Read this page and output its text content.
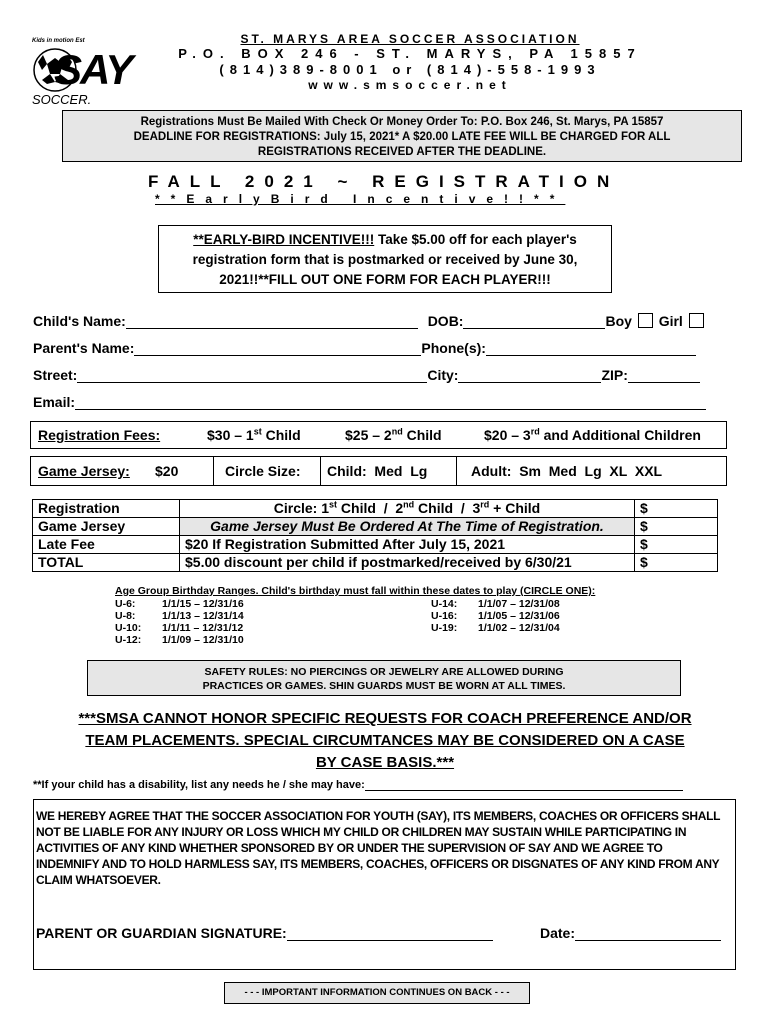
Kids in motion Est
SAY
SOCCER.
ST. MARYS AREA SOCCER ASSOCIATION
P.O. BOX 246 - ST. MARYS, PA 15857
(814)389-8001 or (814)-558-1993
www.smsoccer.net
Registrations Must Be Mailed With Check Or Money Order To: P.O. Box 246, St. Marys, PA 15857
DEADLINE FOR REGISTRATIONS: July 15, 2021* A $20.00 LATE FEE WILL BE CHARGED FOR ALL
REGISTRATIONS RECEIVED AFTER THE DEADLINE.
FALL 2021 ~ REGISTRATION
**EarlyBird Incentive!!**
**EARLY-BIRD INCENTIVE!!! Take $5.00 off for each player's registration form that is postmarked or received by June 30, 2021!!**FILL OUT ONE FORM FOR EACH PLAYER!!!
Child's Name:	DOB:	Boy Girl
Parent's Name:	Phone(s):
Street:	City:	ZIP:
Email:
Registration Fees:	$30 – 1st Child	$25 – 2nd Child	$20 – 3rd and Additional Children
Game Jersey: $20	Circle Size: Child:  Med  Lg	Adult:  Sm  Med  Lg  XL  XXL
Registration	Circle: 1st Child  /  2nd Child  /  3rd + Child	$
Game Jersey	Game Jersey Must Be Ordered At The Time of Registration.	$
Late Fee	$20 If Registration Submitted After July 15, 2021	$
TOTAL	$5.00 discount per child if postmarked/received by 6/30/21	$
Age Group Birthday Ranges. Child's birthday must fall within these dates to play (CIRCLE ONE):
U-6:	1/1/15 – 12/31/16
U-8:	1/1/13 – 12/31/14
U-10:	1/1/11 – 12/31/12
U-12:	1/1/09 – 12/31/10
U-14:	1/1/07 – 12/31/08
U-16:	1/1/05 – 12/31/06
U-19:	1/1/02 – 12/31/04
SAFETY RULES: NO PIERCINGS OR JEWELRY ARE ALLOWED DURING
PRACTICES OR GAMES. SHIN GUARDS MUST BE WORN AT ALL TIMES.
***SMSA CANNOT HONOR SPECIFIC REQUESTS FOR COACH PREFERENCE AND/OR
TEAM PLACEMENTS. SPECIAL CIRCUMTANCES MAY BE CONSIDERED ON A CASE
BY CASE BASIS.***
**If your child has a disability, list any needs he / she may have:
WE HEREBY AGREE THAT THE SOCCER ASSOCIATION FOR YOUTH (SAY), ITS MEMBERS, COACHES OR OFFICERS SHALL NOT BE LIABLE FOR ANY INJURY OR LOSS WHICH MY CHILD OR CHILDREN MAY SUSTAIN WHILE PARTICIPATING IN ACTIVITIES OF ANY KIND WHETHER SPONSORED BY OR UNDER THE SUPERVISION OF SAY AND WE AGREE TO INDEMNIFY AND TO HOLD HARMLESS SAY, ITS MEMBERS, COACHES, OFFICERS OR DISGNATES OF ANY KIND FROM ANY CLAIM WHATSOEVER.
PARENT OR GUARDIAN SIGNATURE:	Date:
- - - IMPORTANT INFORMATION CONTINUES ON BACK - - -
